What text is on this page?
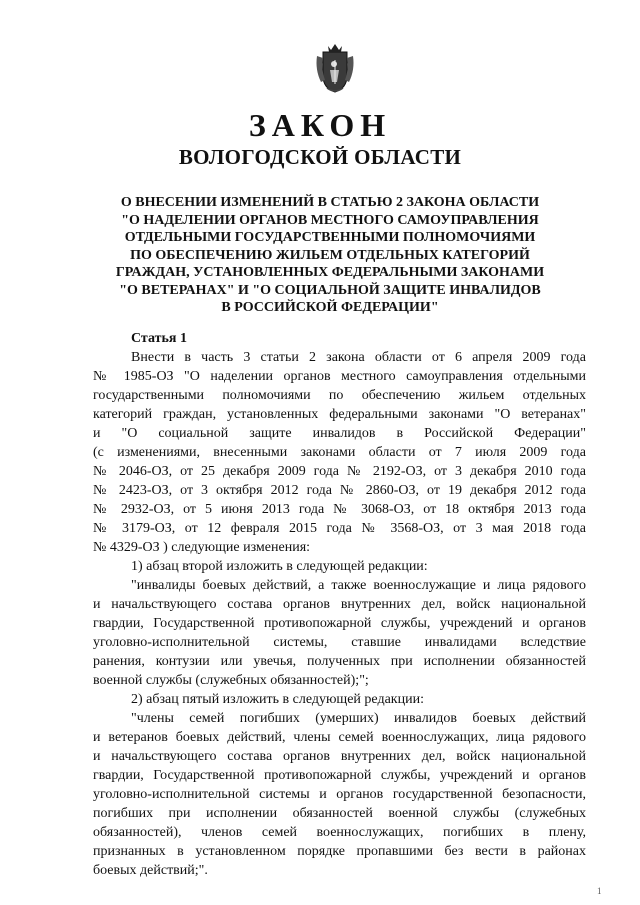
ЗАКОН
ВОЛОГОДСКОЙ ОБЛАСТИ
О ВНЕСЕНИИ ИЗМЕНЕНИЙ В СТАТЬЮ 2 ЗАКОНА ОБЛАСТИ
"О НАДЕЛЕНИИ ОРГАНОВ МЕСТНОГО САМОУПРАВЛЕНИЯ
ОТДЕЛЬНЫМИ ГОСУДАРСТВЕННЫМИ ПОЛНОМОЧИЯМИ
ПО ОБЕСПЕЧЕНИЮ ЖИЛЬЕМ ОТДЕЛЬНЫХ КАТЕГОРИЙ
ГРАЖДАН, УСТАНОВЛЕННЫХ ФЕДЕРАЛЬНЫМИ ЗАКОНАМИ
"О ВЕТЕРАНАХ" И "О СОЦИАЛЬНОЙ ЗАЩИТЕ ИНВАЛИДОВ
В РОССИЙСКОЙ ФЕДЕРАЦИИ"
Статья 1
Внести в часть 3 статьи 2 закона области от 6 апреля 2009 года
№ 1985-ОЗ "О наделении органов местного самоуправления отдельными
государственными полномочиями по обеспечению жильем отдельных
категорий граждан, установленных федеральными законами "О ветеранах"
и "О социальной защите инвалидов в Российской Федерации"
(с изменениями, внесенными законами области от 7 июля 2009 года
№ 2046-ОЗ, от 25 декабря 2009 года № 2192-ОЗ, от 3 декабря 2010 года
№ 2423-ОЗ, от 3 октября 2012 года № 2860-ОЗ, от 19 декабря 2012 года
№ 2932-ОЗ, от 5 июня 2013 года № 3068-ОЗ, от 18 октября 2013 года
№ 3179-ОЗ, от 12 февраля 2015 года № 3568-ОЗ, от 3 мая 2018 года
№ 4329-ОЗ ) следующие изменения:
1) абзац второй изложить в следующей редакции:
"инвалиды боевых действий, а также военнослужащие и лица рядового
и начальствующего состава органов внутренних дел, войск национальной
гвардии, Государственной противопожарной службы, учреждений и органов
уголовно-исполнительной системы, ставшие инвалидами вследствие
ранения, контузии или увечья, полученных при исполнении обязанностей
военной службы (служебных обязанностей);";
2) абзац пятый изложить в следующей редакции:
"члены семей погибших (умерших) инвалидов боевых действий
и ветеранов боевых действий, члены семей военнослужащих, лица рядового
и начальствующего состава органов внутренних дел, войск национальной
гвардии, Государственной противопожарной службы, учреждений и органов
уголовно-исполнительной системы и органов государственной безопасности,
погибших при исполнении обязанностей военной службы (служебных
обязанностей), членов семей военнослужащих, погибших в плену,
признанных в установленном порядке пропавшими без вести в районах
боевых действий;".
1
